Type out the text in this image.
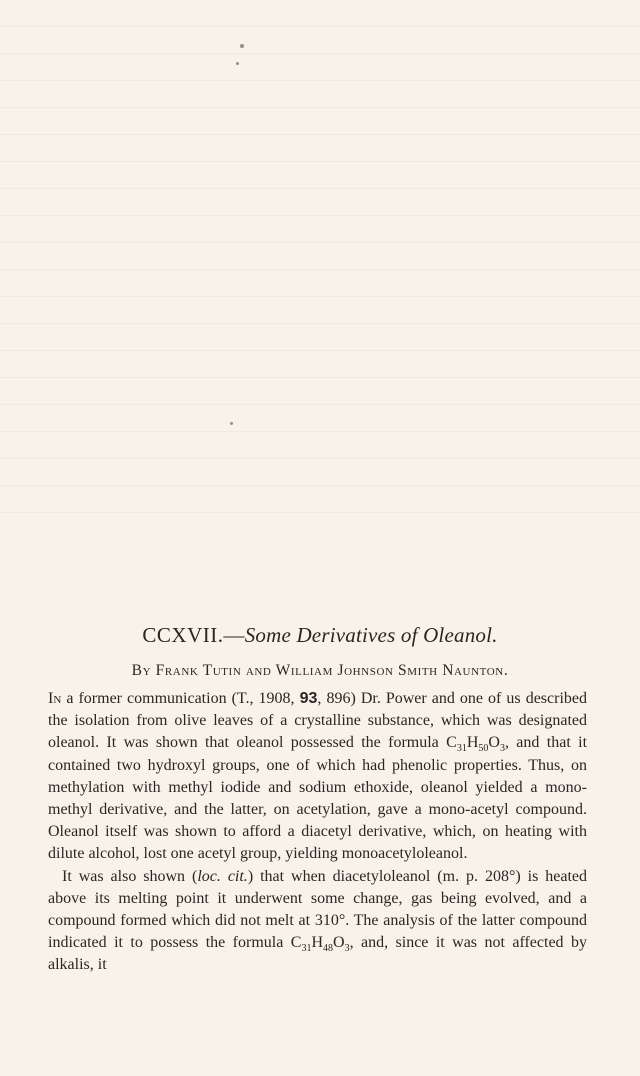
CCXVII.—Some Derivatives of Oleanol.
By Frank Tutin and William Johnson Smith Naunton.

In a former communication (T., 1908, 93, 896) Dr. Power and one of us described the isolation from olive leaves of a crystalline substance, which was designated oleanol. It was shown that oleanol possessed the formula $C_{31}H_{50}O_3$, and that it contained two hydroxyl groups, one of which had phenolic properties. Thus, on methylation with methyl iodide and sodium ethoxide, oleanol yielded a mono-methyl derivative, and the latter, on acetylation, gave a mono-acetyl compound. Oleanol itself was shown to afford a diacetyl derivative, which, on heating with dilute alcohol, lost one acetyl group, yielding monoacetyloleanol.

It was also shown (loc. cit.) that when diacetyloleanol (m. p. 208°) is heated above its melting point it underwent some change, gas being evolved, and a compound formed which did not melt at 310°. The analysis of the latter compound indicated it to possess the formula $C_{31}H_{48}O_3$, and, since it was not affected by alkalis, it
